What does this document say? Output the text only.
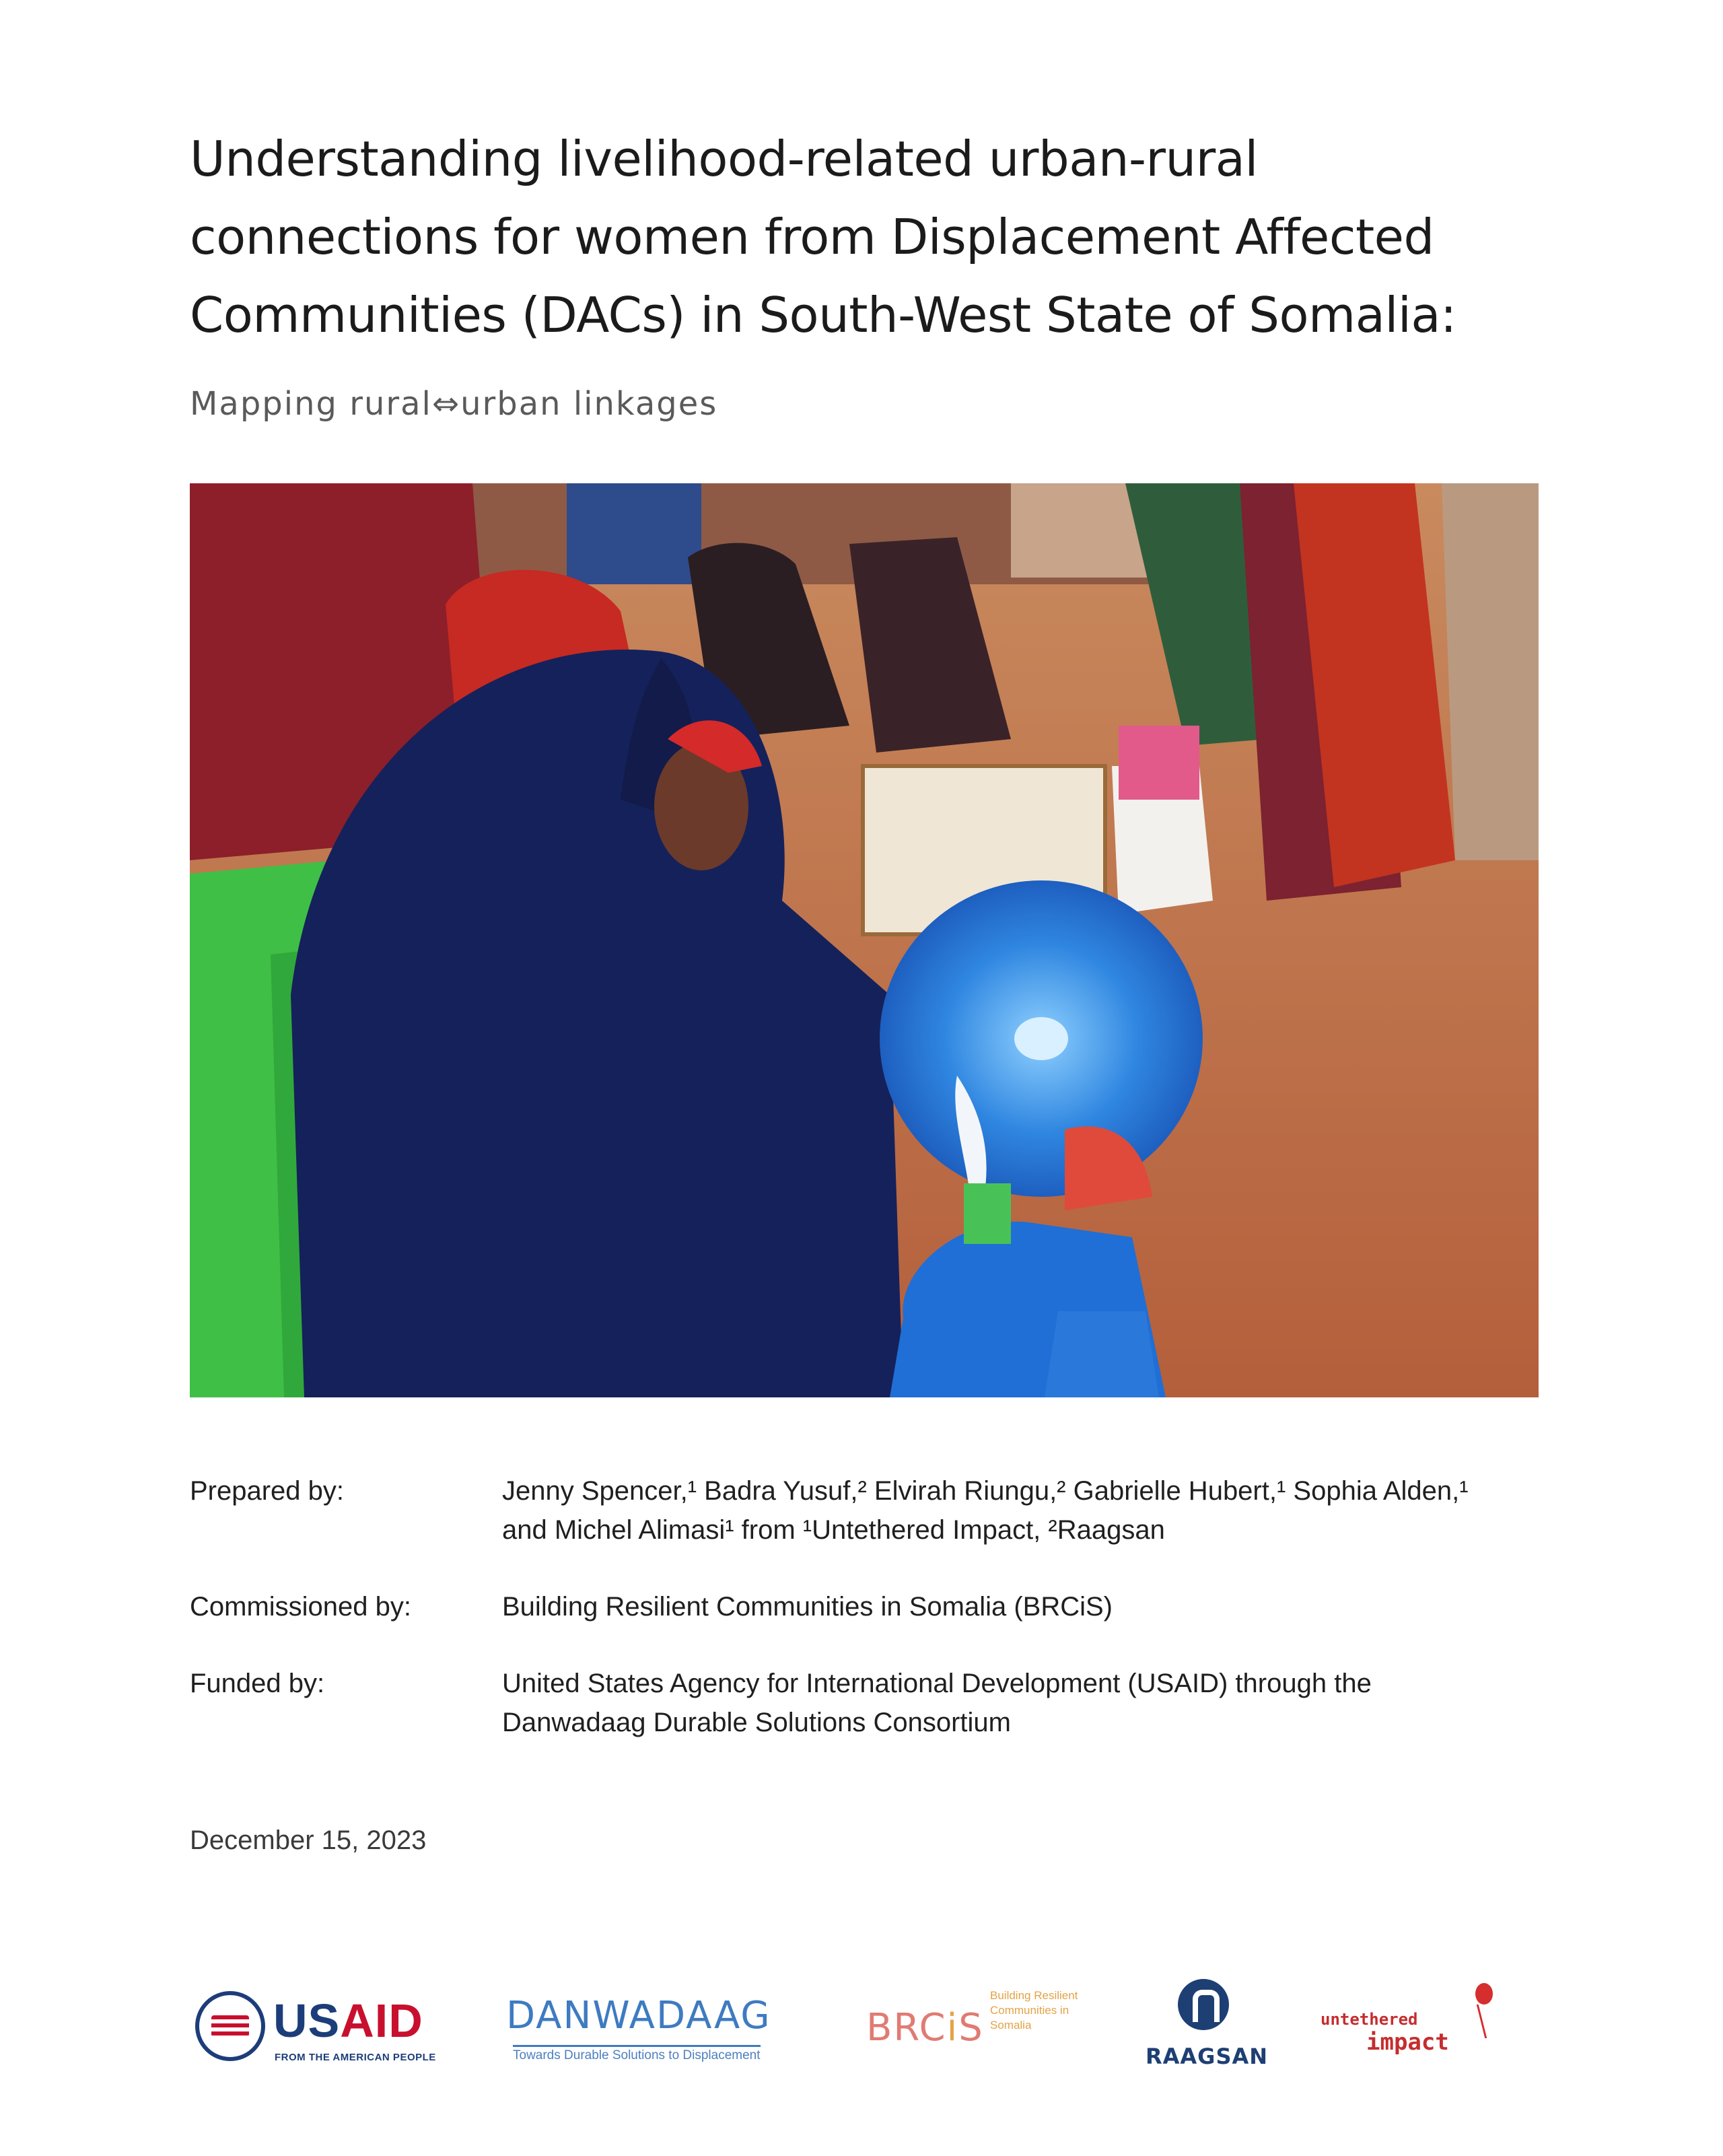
Understanding livelihood-related urban-rural
connections for women from Displacement Affected
Communities (DACs) in South-West State of Somalia:

Mapping rural⇔urban linkages

Prepared by:	Jenny Spencer,¹ Badra Yusuf,² Elvirah Riungu,² Gabrielle Hubert,¹ Sophia Alden,¹
and Michel Alimasi¹ from ¹Untethered Impact, ²Raagsan
Commissioned by:	Building Resilient Communities in Somalia (BRCiS)
Funded by:	United States Agency for International Development (USAID) through the
Danwadaag Durable Solutions Consortium
December 15, 2023
USAID
FROM THE AMERICAN PEOPLE
DANWADAAG
Towards Durable Solutions to Displacement
BRCiS
Building Resilient Communities in Somalia
RAAGSAN
untethered
impact
